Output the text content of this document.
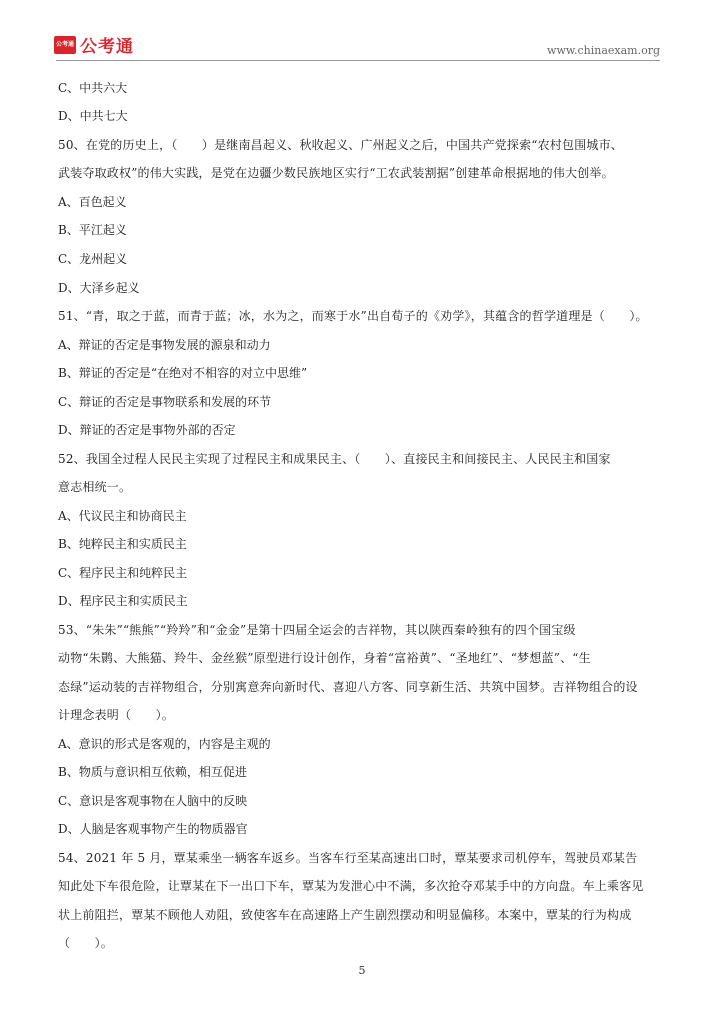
公考通 公考通	www.chinaexam.org
C、中共六大
D、中共七大
50、在党的历史上，（　　）是继南昌起义、秋收起义、广州起义之后，中国共产党探索“农村包围城市、
武装夺取政权”的伟大实践，是党在边疆少数民族地区实行“工农武装割据”创建革命根据地的伟大创举。
A、百色起义
B、平江起义
C、龙州起义
D、大泽乡起义
51、“青，取之于蓝，而青于蓝；冰，水为之，而寒于水”出自荀子的《劝学》，其蕴含的哲学道理是（　　）。
A、辩证的否定是事物发展的源泉和动力
B、辩证的否定是“在绝对不相容的对立中思维”
C、辩证的否定是事物联系和发展的环节
D、辩证的否定是事物外部的否定
52、我国全过程人民民主实现了过程民主和成果民主、（　　）、直接民主和间接民主、人民民主和国家
意志相统一。
A、代议民主和协商民主
B、纯粹民主和实质民主
C、程序民主和纯粹民主
D、程序民主和实质民主
53、“朱朱”“熊熊”“羚羚”和“金金”是第十四届全运会的吉祥物，其以陕西秦岭独有的四个国宝级
动物“朱鹮、大熊猫、羚牛、金丝猴”原型进行设计创作，身着“富裕黄”、“圣地红”、“梦想蓝”、“生
态绿”运动装的吉祥物组合，分别寓意奔向新时代、喜迎八方客、同享新生活、共筑中国梦。吉祥物组合的设
计理念表明（　　）。
A、意识的形式是客观的，内容是主观的
B、物质与意识相互依赖，相互促进
C、意识是客观事物在人脑中的反映
D、人脑是客观事物产生的物质器官
54、2021 年 5 月，覃某乘坐一辆客车返乡。当客车行至某高速出口时，覃某要求司机停车，驾驶员邓某告
知此处下车很危险，让覃某在下一出口下车，覃某为发泄心中不满，多次抢夺邓某手中的方向盘。车上乘客见
状上前阻拦，覃某不顾他人劝阻，致使客车在高速路上产生剧烈摆动和明显偏移。本案中，覃某的行为构成
（　　）。
5
